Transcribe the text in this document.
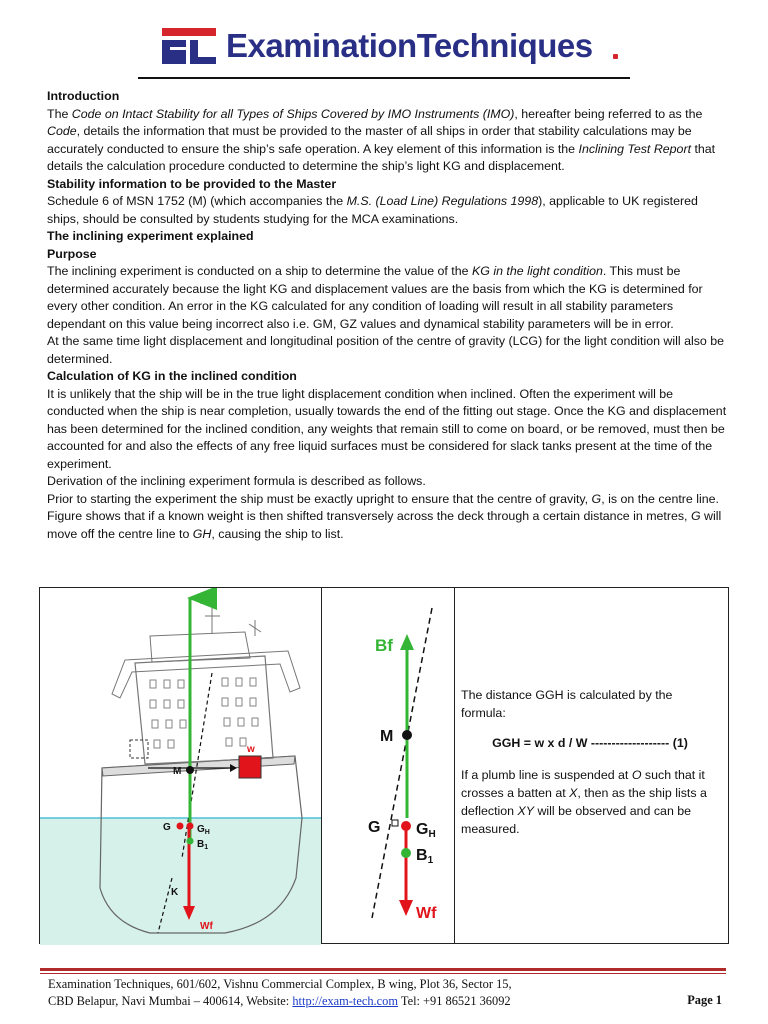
ExaminationTechniques

Introduction

The Code on Intact Stability for all Types of Ships Covered by IMO Instruments (IMO), hereafter being referred to as the Code, details the information that must be provided to the master of all ships in order that stability calculations may be accurately conducted to ensure the ship’s safe operation. A key element of this information is the Inclining Test Report that details the calculation procedure conducted to determine the ship’s light KG and displacement.

Stability information to be provided to the Master

Schedule 6 of MSN 1752 (M) (which accompanies the M.S. (Load Line) Regulations 1998), applicable to UK registered ships, should be consulted by students studying for the MCA examinations.

The inclining experiment explained

Purpose

The inclining experiment is conducted on a ship to determine the value of the KG in the light condition. This must be determined accurately because the light KG and displacement values are the basis from which the KG is determined for every other condition. An error in the KG calculated for any condition of loading will result in all stability parameters dependant on this value being incorrect also i.e. GM, GZ values and dynamical stability parameters will be in error.

At the same time light displacement and longitudinal position of the centre of gravity (LCG) for the light condition will also be determined.

Calculation of KG in the inclined condition

It is unlikely that the ship will be in the true light displacement condition when inclined. Often the experiment will be conducted when the ship is near completion, usually towards the end of the fitting out stage. Once the KG and displacement has been determined for the inclined condition, any weights that remain still to come on board, or be removed, must then be accounted for and also the effects of any free liquid surfaces must be considered for slack tanks present at the time of the experiment.

Derivation of the inclining experiment formula is described as follows.

Prior to starting the experiment the ship must be exactly upright to ensure that the centre of gravity, G, is on the centre line. Figure shows that if a known weight is then shifted transversely across the deck through a certain distance in metres, G will move off the centre line to GH, causing the ship to list.

Bf
w
M
G	$G_H$
$B_1$
K
Wf
Bf
M
G GH
B1
Wf

The distance GGH is calculated by the formula:

GGH = w x d / W ------------------- (1)

If a plumb line is suspended at O such that it crosses a batten at X, then as the ship lists a deflection XY will be observed and can be measured.

Examination Techniques, 601/602, Vishnu Commercial Complex, B wing, Plot 36, Sector 15,
CBD Belapur, Navi Mumbai – 400614, Website: http://exam-tech.com Tel: +91 86521 36092	Page 1
